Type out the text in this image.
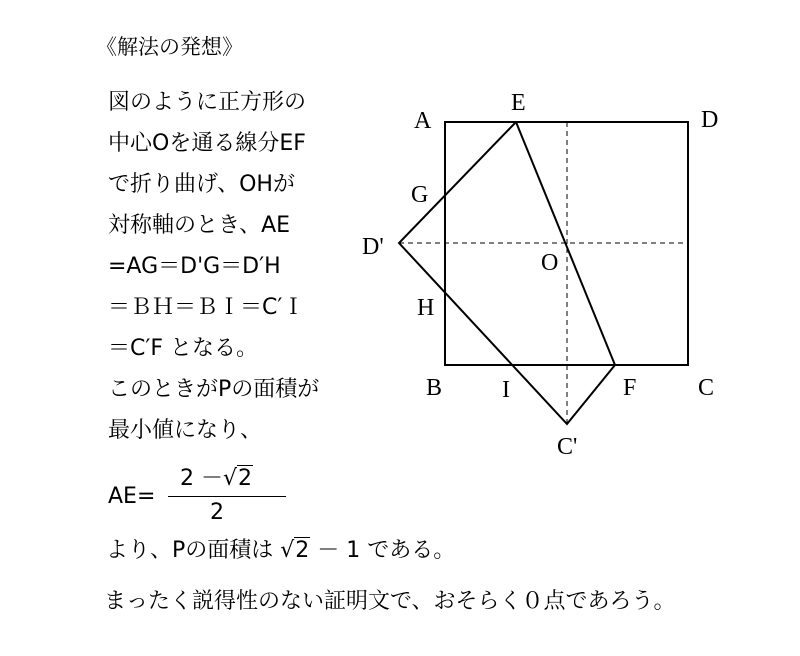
《解法の発想》
図のように正方形の
中心Oを通る線分EF
で折り曲げ、OHが
対称軸のとき、AE
=AG＝D'G＝D′H
＝ＢＨ＝ＢＩ＝C′Ｉ
＝C′F となる。
このときがPの面積が
最小値になり、
AE=
2 －√2
2
より、Pの面積は √2 － 1 である。
まったく説得性のない証明文で、おそらく０点であろう。
A
E
D
G
D'
O
H
B I	F	C
C'
